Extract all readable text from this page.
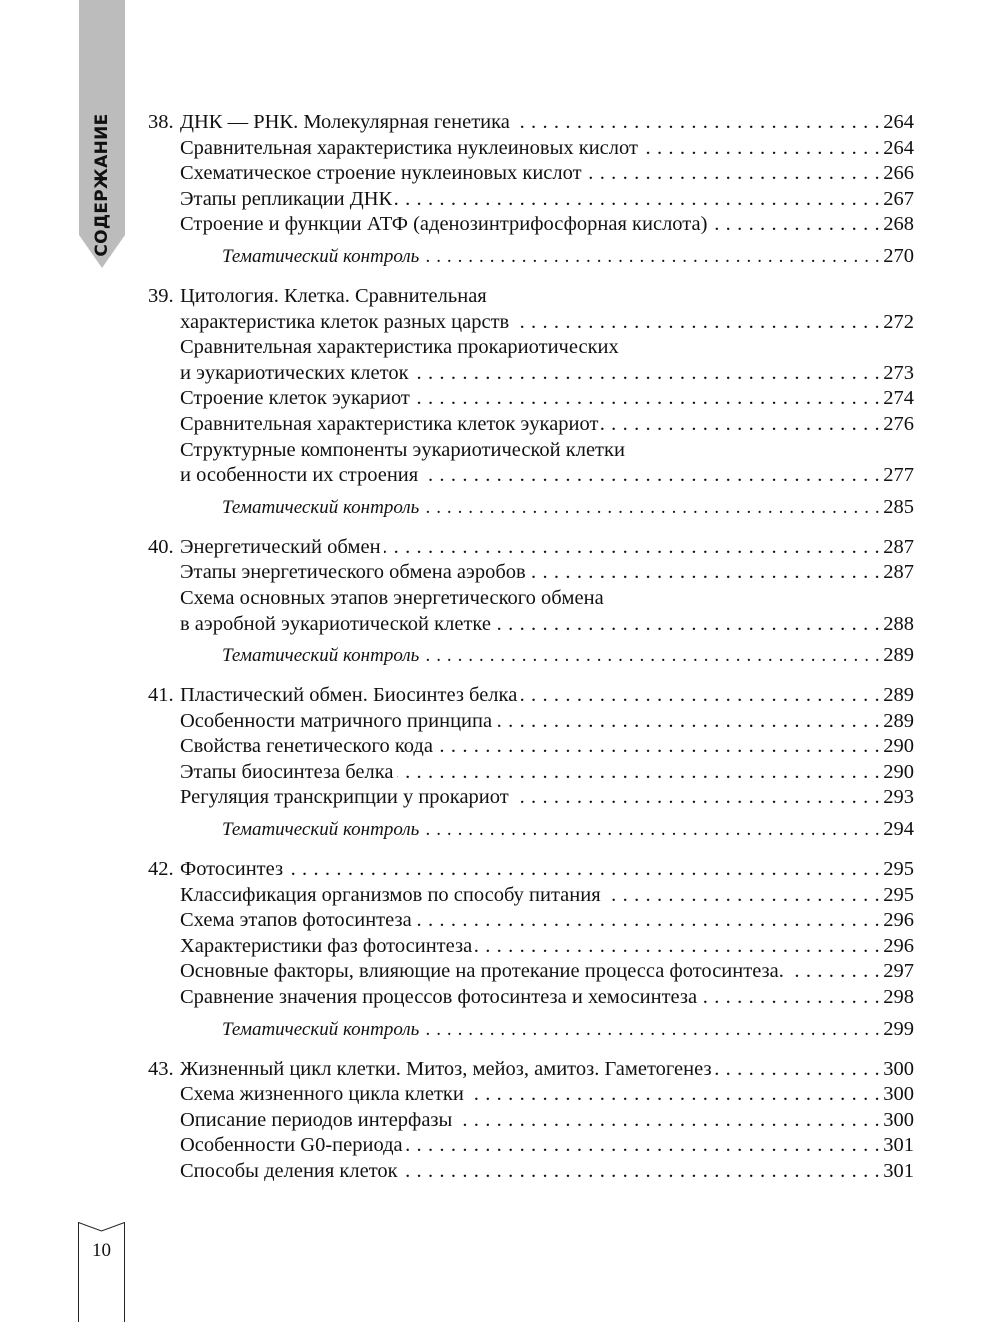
СОДЕРЖАНИЕ 38. ДНК — РНК. Молекулярная генетика . . .	264
Сравнительная характеристика нуклеиновых кислот . . .	264
Схематическое строение нуклеиновых кислот . . .	266
Этапы репликации ДНК . . .	267
Строение и функции АТФ (аденозинтрифосфорная кислота) . . .	268
Тематический контроль . . .	270
39. Цитология. Клетка. Сравнительная
характеристика клеток разных царств . . .	272
Сравнительная характеристика прокариотических
и эукариотических клеток . . .	273
Строение клеток эукариот . . .	274
Сравнительная характеристика клеток эукариот . . .	276
Структурные компоненты эукариотической клетки
и особенности их строения . . .	277
Тематический контроль . . .	285
40. Энергетический обмен . . .	287
Этапы энергетического обмена аэробов . . .	287
Схема основных этапов энергетического обмена
в аэробной эукариотической клетке . . .	288
Тематический контроль . . .	289
41. Пластический обмен. Биосинтез белка . . .	289
Особенности матричного принципа . . .	289
Свойства генетического кода . . .	290
Этапы биосинтеза белка . . .	290
Регуляция транскрипции у прокариот . . .	293
Тематический контроль . . .	294
42. Фотосинтез . . .	295
Классификация организмов по способу питания . . .	295
Схема этапов фотосинтеза . . .	296
Характеристики фаз фотосинтеза . . .	296
Основные факторы, влияющие на протекание процесса фотосинтеза. . . .	297
Сравнение значения процессов фотосинтеза и хемосинтеза . . .	298
Тематический контроль . . .	299
43. Жизненный цикл клетки. Митоз, мейоз, амитоз. Гаметогенез . . .	300
Схема жизненного цикла клетки . . .	300
Описание периодов интерфазы . . .	300
Особенности G0-периода . . .	301
Способы деления клеток . . .	301
10
